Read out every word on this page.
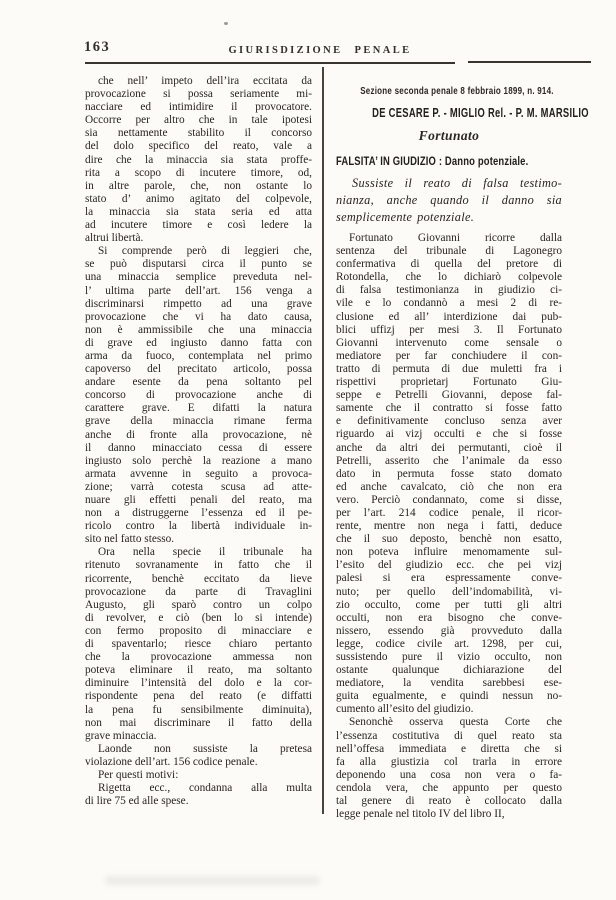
163	GIURISDIZIONE PENALE
che nell’ impeto dell’ira eccitata da
provocazione si possa seriamente mi-
nacciare ed intimidire il provocatore.
Occorre per altro che in tale ipotesi
sia nettamente stabilito il concorso
del dolo specifico del reato, vale a
dire che la minaccia sia stata proffe-
rita a scopo di incutere timore, od,
in altre parole, che, non ostante lo
stato d’ animo agitato del colpevole,
la minaccia sia stata seria ed atta
ad incutere timore e così ledere la
altrui libertà.
Si comprende però di leggieri che,
se può disputarsi circa il punto se
una minaccia semplice preveduta nel-
l’ ultima parte dell’art. 156 venga a
discriminarsi rimpetto ad una grave
provocazione che vi ha dato causa,
non è ammissibile che una minaccia
di grave ed ingiusto danno fatta con
arma da fuoco, contemplata nel primo
capoverso del precitato articolo, possa
andare esente da pena soltanto pel
concorso di provocazione anche di
carattere grave. E difatti la natura
grave della minaccia rimane ferma
anche di fronte alla provocazione, nè
il danno minacciato cessa di essere
ingiusto solo perchè la reazione a mano
armata avvenne in seguito a provoca-
zione; varrà cotesta scusa ad atte-
nuare gli effetti penali del reato, ma
non a distruggerne l’essenza ed il pe-
ricolo contro la libertà individuale in-
sito nel fatto stesso.
Ora nella specie il tribunale ha
ritenuto sovranamente in fatto che il
ricorrente, benchè eccitato da lieve
provocazione da parte di Travaglini
Augusto, gli sparò contro un colpo
di revolver, e ciò (ben lo si intende)
con fermo proposito di minacciare e
di spaventarlo; riesce chiaro pertanto
che la provocazione ammessa non
poteva eliminare il reato, ma soltanto
diminuire l’intensità del dolo e la cor-
rispondente pena del reato (e diffatti
la pena fu sensibilmente diminuita),
non mai discriminare il fatto della
grave minaccia.
Laonde non sussiste la pretesa
violazione dell’art. 156 codice penale.
Per questi motivi:
Rigetta ecc., condanna alla multa
di lire 75 ed alle spese.
Sezione seconda penale 8 febbraio 1899, n. 914.
DE CESARE P. - MIGLIO Rel. - P. M. MARSILIO
Fortunato
FALSITA’ IN GIUDIZIO : Danno potenziale.
Sussiste il reato di falsa testimo-
nianza, anche quando il danno sia
semplicemente potenziale.
Fortunato Giovanni ricorre dalla
sentenza del tribunale di Lagonegro
confermativa di quella del pretore di
Rotondella, che lo dichiarò colpevole
di falsa testimonianza in giudizio ci-
vile e lo condannò a mesi 2 di re-
clusione ed all’ interdizione dai pub-
blici uffizj per mesi 3. Il Fortunato
Giovanni intervenuto come sensale o
mediatore per far conchiudere il con-
tratto di permuta di due muletti fra i
rispettivi proprietarj Fortunato Giu-
seppe e Petrelli Giovanni, depose fal-
samente che il contratto si fosse fatto
e definitivamente concluso senza aver
riguardo ai vizj occulti e che si fosse
anche da altri dei permutanti, cioè il
Petrelli, asserito che l’animale da esso
dato in permuta fosse stato domato
ed anche cavalcato, ciò che non era
vero. Perciò condannato, come si disse,
per l’art. 214 codice penale, il ricor-
rente, mentre non nega i fatti, deduce
che il suo deposto, benchè non esatto,
non poteva influire menomamente sul-
l’esito del giudizio ecc. che pei vizj
palesi si era espressamente conve-
nuto; per quello dell’indomabilità, vi-
zio occulto, come per tutti gli altri
occulti, non era bisogno che conve-
nissero, essendo già provveduto dalla
legge, codice civile art. 1298, per cui,
sussistendo pure il vizio occulto, non
ostante qualunque dichiarazione del
mediatore, la vendita sarebbesi ese-
guita egualmente, e quindi nessun no-
cumento all’esito del giudizio.
Senonchè osserva questa Corte che
l’essenza costitutiva di quel reato sta
nell’offesa immediata e diretta che si
fa alla giustizia col trarla in errore
deponendo una cosa non vera o fa-
cendola vera, che appunto per questo
tal genere di reato è collocato dalla
legge penale nel titolo IV del libro II,
